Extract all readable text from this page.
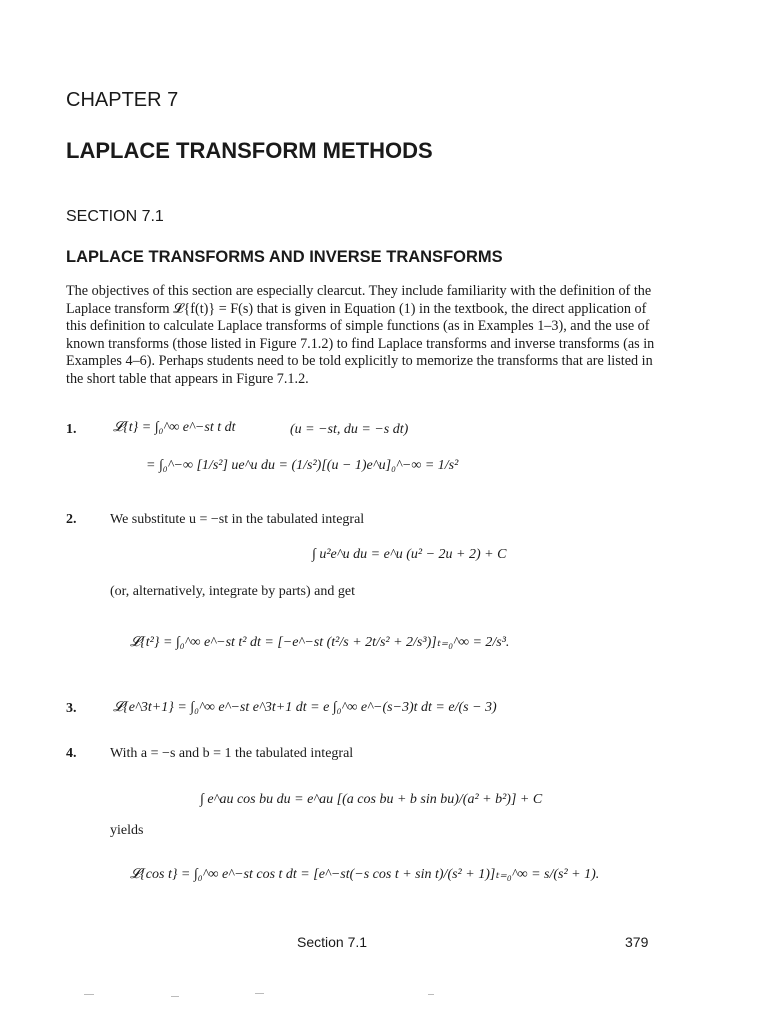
CHAPTER 7
LAPLACE TRANSFORM METHODS
SECTION 7.1
LAPLACE TRANSFORMS AND INVERSE TRANSFORMS
The objectives of this section are especially clearcut. They include familiarity with the definition of the Laplace transform 𝓛{f(t)} = F(s) that is given in Equation (1) in the textbook, the direct application of this definition to calculate Laplace transforms of simple functions (as in Examples 1–3), and the use of known transforms (those listed in Figure 7.1.2) to find Laplace transforms and inverse transforms (as in Examples 4–6). Perhaps students need to be told explicitly to memorize the transforms that are listed in the short table that appears in Figure 7.1.2.
1.	𝓛{t} = ∫₀^∞ e^−st t dt	(u = −st, du = −s dt)
= ∫₀^−∞ [1/s²] ue^u du = (1/s²)[(u − 1)e^u]₀^−∞ = 1/s²
2. We substitute u = −st in the tabulated integral
∫ u²e^u du = e^u (u² − 2u + 2) + C
(or, alternatively, integrate by parts) and get
𝓛{t²} = ∫₀^∞ e^−st t² dt = [−e^−st (t²/s + 2t/s² + 2/s³)]ₜ₌₀^∞ = 2/s³.
3.	𝓛{e^3t+1} = ∫₀^∞ e^−st e^3t+1 dt = e ∫₀^∞ e^−(s−3)t dt = e/(s − 3)
4. With a = −s and b = 1 the tabulated integral
∫ e^au cos bu du = e^au [(a cos bu + b sin bu)/(a² + b²)] + C
yields
𝓛{cos t} = ∫₀^∞ e^−st cos t dt = [e^−st(−s cos t + sin t)/(s² + 1)]ₜ₌₀^∞ = s/(s² + 1).
Section 7.1	379
